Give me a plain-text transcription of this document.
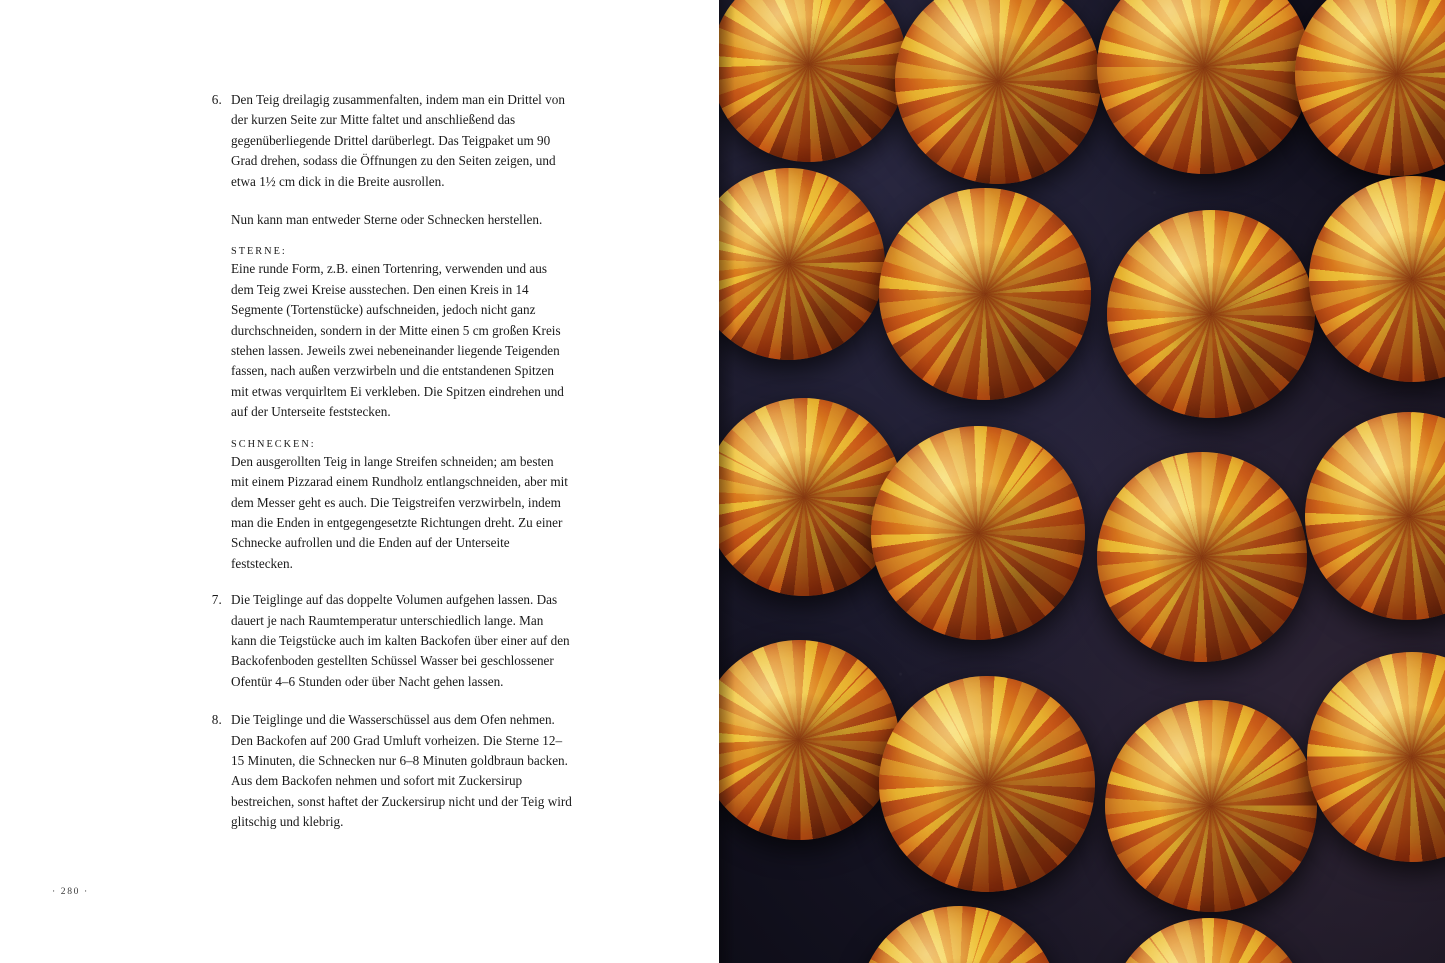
6. Den Teig dreilagig zusammenfalten, indem man ein Drittel von der kurzen Seite zur Mitte faltet und anschließend das gegenüberliegende Drittel darüberlegt. Das Teigpaket um 90 Grad drehen, sodass die Öffnungen zu den Seiten zeigen, und etwa 1½ cm dick in die Breite ausrollen.
Nun kann man entweder Sterne oder Schnecken herstellen.
STERNE:
Eine runde Form, z.B. einen Tortenring, verwenden und aus dem Teig zwei Kreise ausstechen. Den einen Kreis in 14 Segmente (Tortenstücke) aufschneiden, jedoch nicht ganz durchschneiden, sondern in der Mitte einen 5 cm großen Kreis stehen lassen. Jeweils zwei nebeneinander liegende Teigenden fassen, nach außen verzwirbeln und die entstandenen Spitzen mit etwas verquirltem Ei verkleben. Die Spitzen eindrehen und auf der Unterseite feststecken.
SCHNECKEN:
Den ausgerollten Teig in lange Streifen schneiden; am besten mit einem Pizzarad einem Rundholz entlangschneiden, aber mit dem Messer geht es auch. Die Teigstreifen verzwirbeln, indem man die Enden in entgegengesetzte Richtungen dreht. Zu einer Schnecke aufrollen und die Enden auf der Unterseite feststecken.
7. Die Teiglinge auf das doppelte Volumen aufgehen lassen. Das dauert je nach Raumtemperatur unterschiedlich lange. Man kann die Teigstücke auch im kalten Backofen über einer auf den Backofenboden gestellten Schüssel Wasser bei geschlossener Ofentür 4–6 Stunden oder über Nacht gehen lassen.
8. Die Teiglinge und die Wasserschüssel aus dem Ofen nehmen. Den Backofen auf 200 Grad Umluft vorheizen. Die Sterne 12–15 Minuten, die Schnecken nur 6–8 Minuten goldbraun backen. Aus dem Backofen nehmen und sofort mit Zuckersirup bestreichen, sonst haftet der Zuckersirup nicht und der Teig wird glitschig und klebrig.
· 280 ·
